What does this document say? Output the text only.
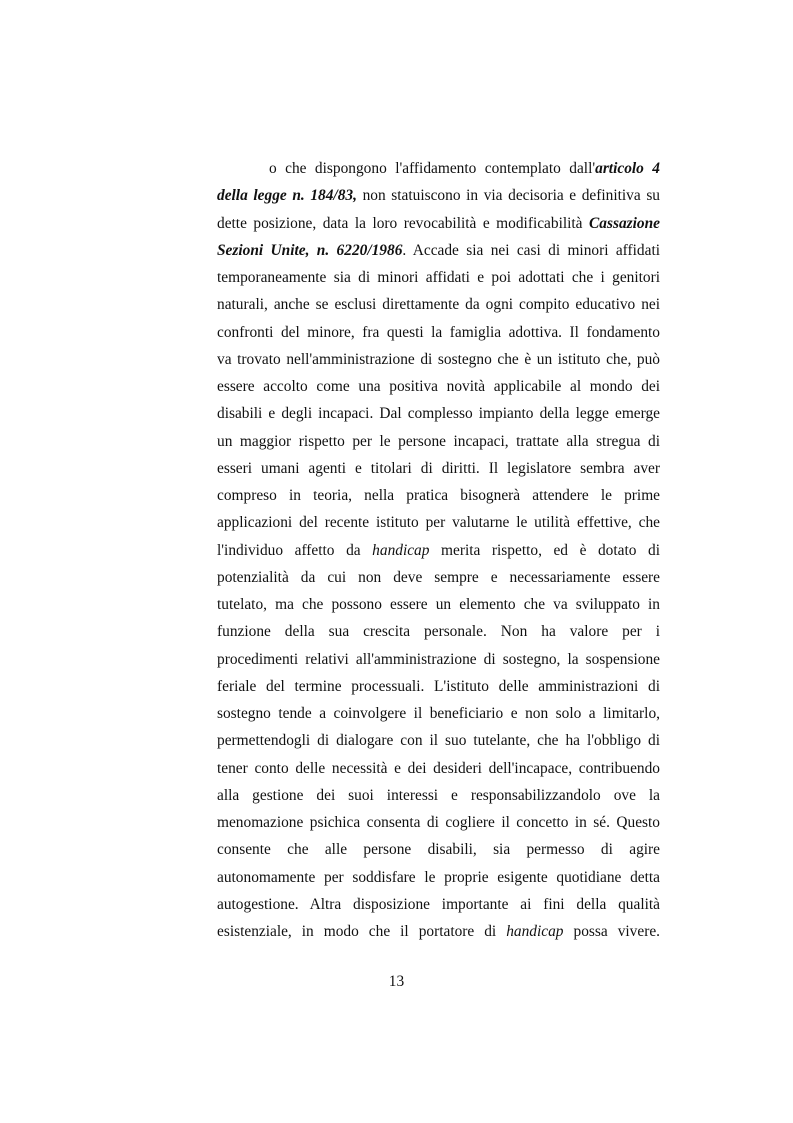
o che dispongono l'affidamento contemplato dall'articolo 4
della legge n. 184/83, non statuiscono in via decisoria e definitiva su
dette posizione, data la loro revocabilità e modificabilità Cassazione
Sezioni Unite, n. 6220/1986. Accade sia nei casi di minori affidati
temporaneamente sia di minori affidati e poi adottati che i genitori
naturali, anche se esclusi direttamente da ogni compito educativo nei
confronti del minore, fra questi la famiglia adottiva. Il fondamento
va trovato nell'amministrazione di sostegno che è un istituto che, può
essere accolto come una positiva novità applicabile al mondo dei
disabili e degli incapaci. Dal complesso impianto della legge emerge
un maggior rispetto per le persone incapaci, trattate alla stregua di
esseri umani agenti e titolari di diritti. Il legislatore sembra aver
compreso in teoria, nella pratica bisognerà attendere le prime
applicazioni del recente istituto per valutarne le utilità effettive, che
l'individuo affetto da handicap merita rispetto, ed è dotato di
potenzialità da cui non deve sempre e necessariamente essere
tutelato, ma che possono essere un elemento che va sviluppato in
funzione della sua crescita personale. Non ha valore per i
procedimenti relativi all'amministrazione di sostegno, la sospensione
feriale del termine processuali. L'istituto delle amministrazioni di
sostegno tende a coinvolgere il beneficiario e non solo a limitarlo,
permettendogli di dialogare con il suo tutelante, che ha l'obbligo di
tener conto delle necessità e dei desideri dell'incapace, contribuendo
alla gestione dei suoi interessi e responsabilizzandolo ove la
menomazione psichica consenta di cogliere il concetto in sé. Questo
consente che alle persone disabili, sia permesso di agire
autonomamente per soddisfare le proprie esigente quotidiane detta
autogestione. Altra disposizione importante ai fini della qualità
esistenziale, in modo che il portatore di handicap possa vivere.
13
